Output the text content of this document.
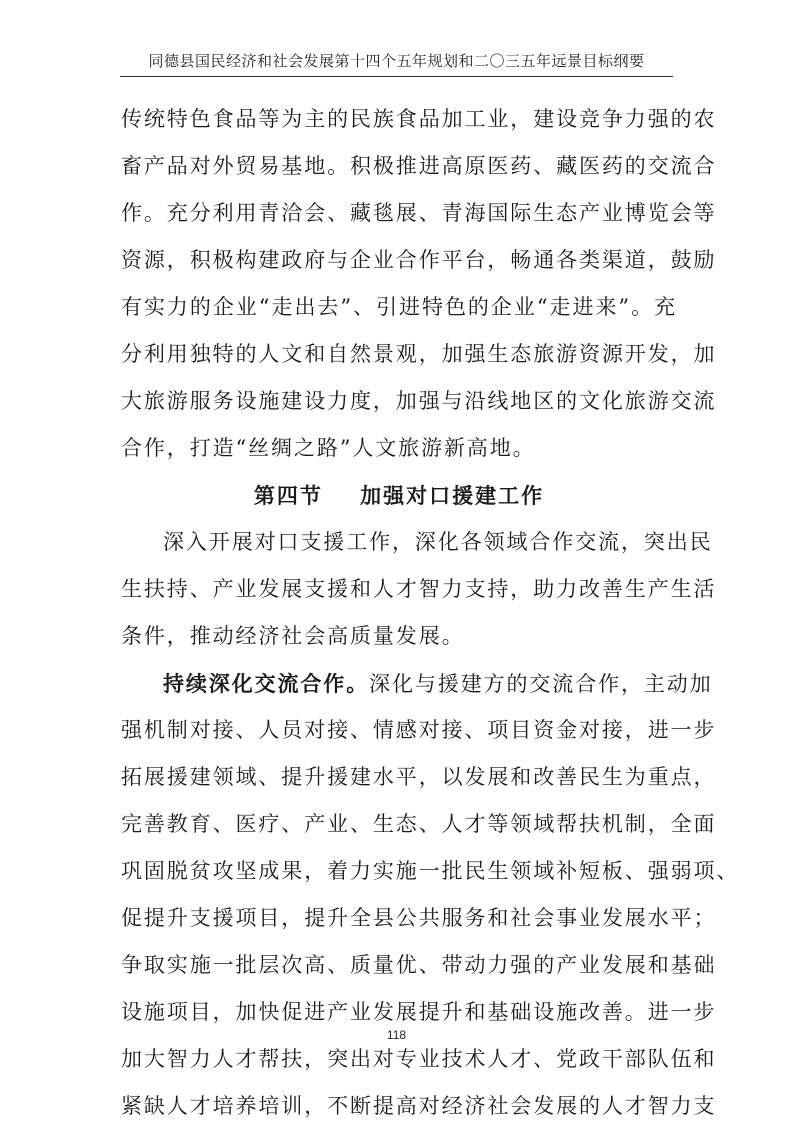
同德县国民经济和社会发展第十四个五年规划和二〇三五年远景目标纲要
传统特色食品等为主的民族食品加工业，建设竞争力强的农
畜产品对外贸易基地。积极推进高原医药、藏医药的交流合
作。充分利用青洽会、藏毯展、青海国际生态产业博览会等
资源，积极构建政府与企业合作平台，畅通各类渠道，鼓励
有实力的企业“走出去”、引进特色的企业“走进来”。充
分利用独特的人文和自然景观，加强生态旅游资源开发，加
大旅游服务设施建设力度，加强与沿线地区的文化旅游交流
合作，打造“丝绸之路”人文旅游新高地。
第四节    加强对口援建工作
深入开展对口支援工作，深化各领域合作交流，突出民
生扶持、产业发展支援和人才智力支持，助力改善生产生活
条件，推动经济社会高质量发展。
持续深化交流合作。深化与援建方的交流合作，主动加
强机制对接、人员对接、情感对接、项目资金对接，进一步
拓展援建领域、提升援建水平，以发展和改善民生为重点，
完善教育、医疗、产业、生态、人才等领域帮扶机制，全面
巩固脱贫攻坚成果，着力实施一批民生领域补短板、强弱项、
促提升支援项目，提升全县公共服务和社会事业发展水平；
争取实施一批层次高、质量优、带动力强的产业发展和基础
设施项目，加快促进产业发展提升和基础设施改善。进一步
加大智力人才帮扶，突出对专业技术人才、党政干部队伍和
紧缺人才培养培训，不断提高对经济社会发展的人才智力支
118
